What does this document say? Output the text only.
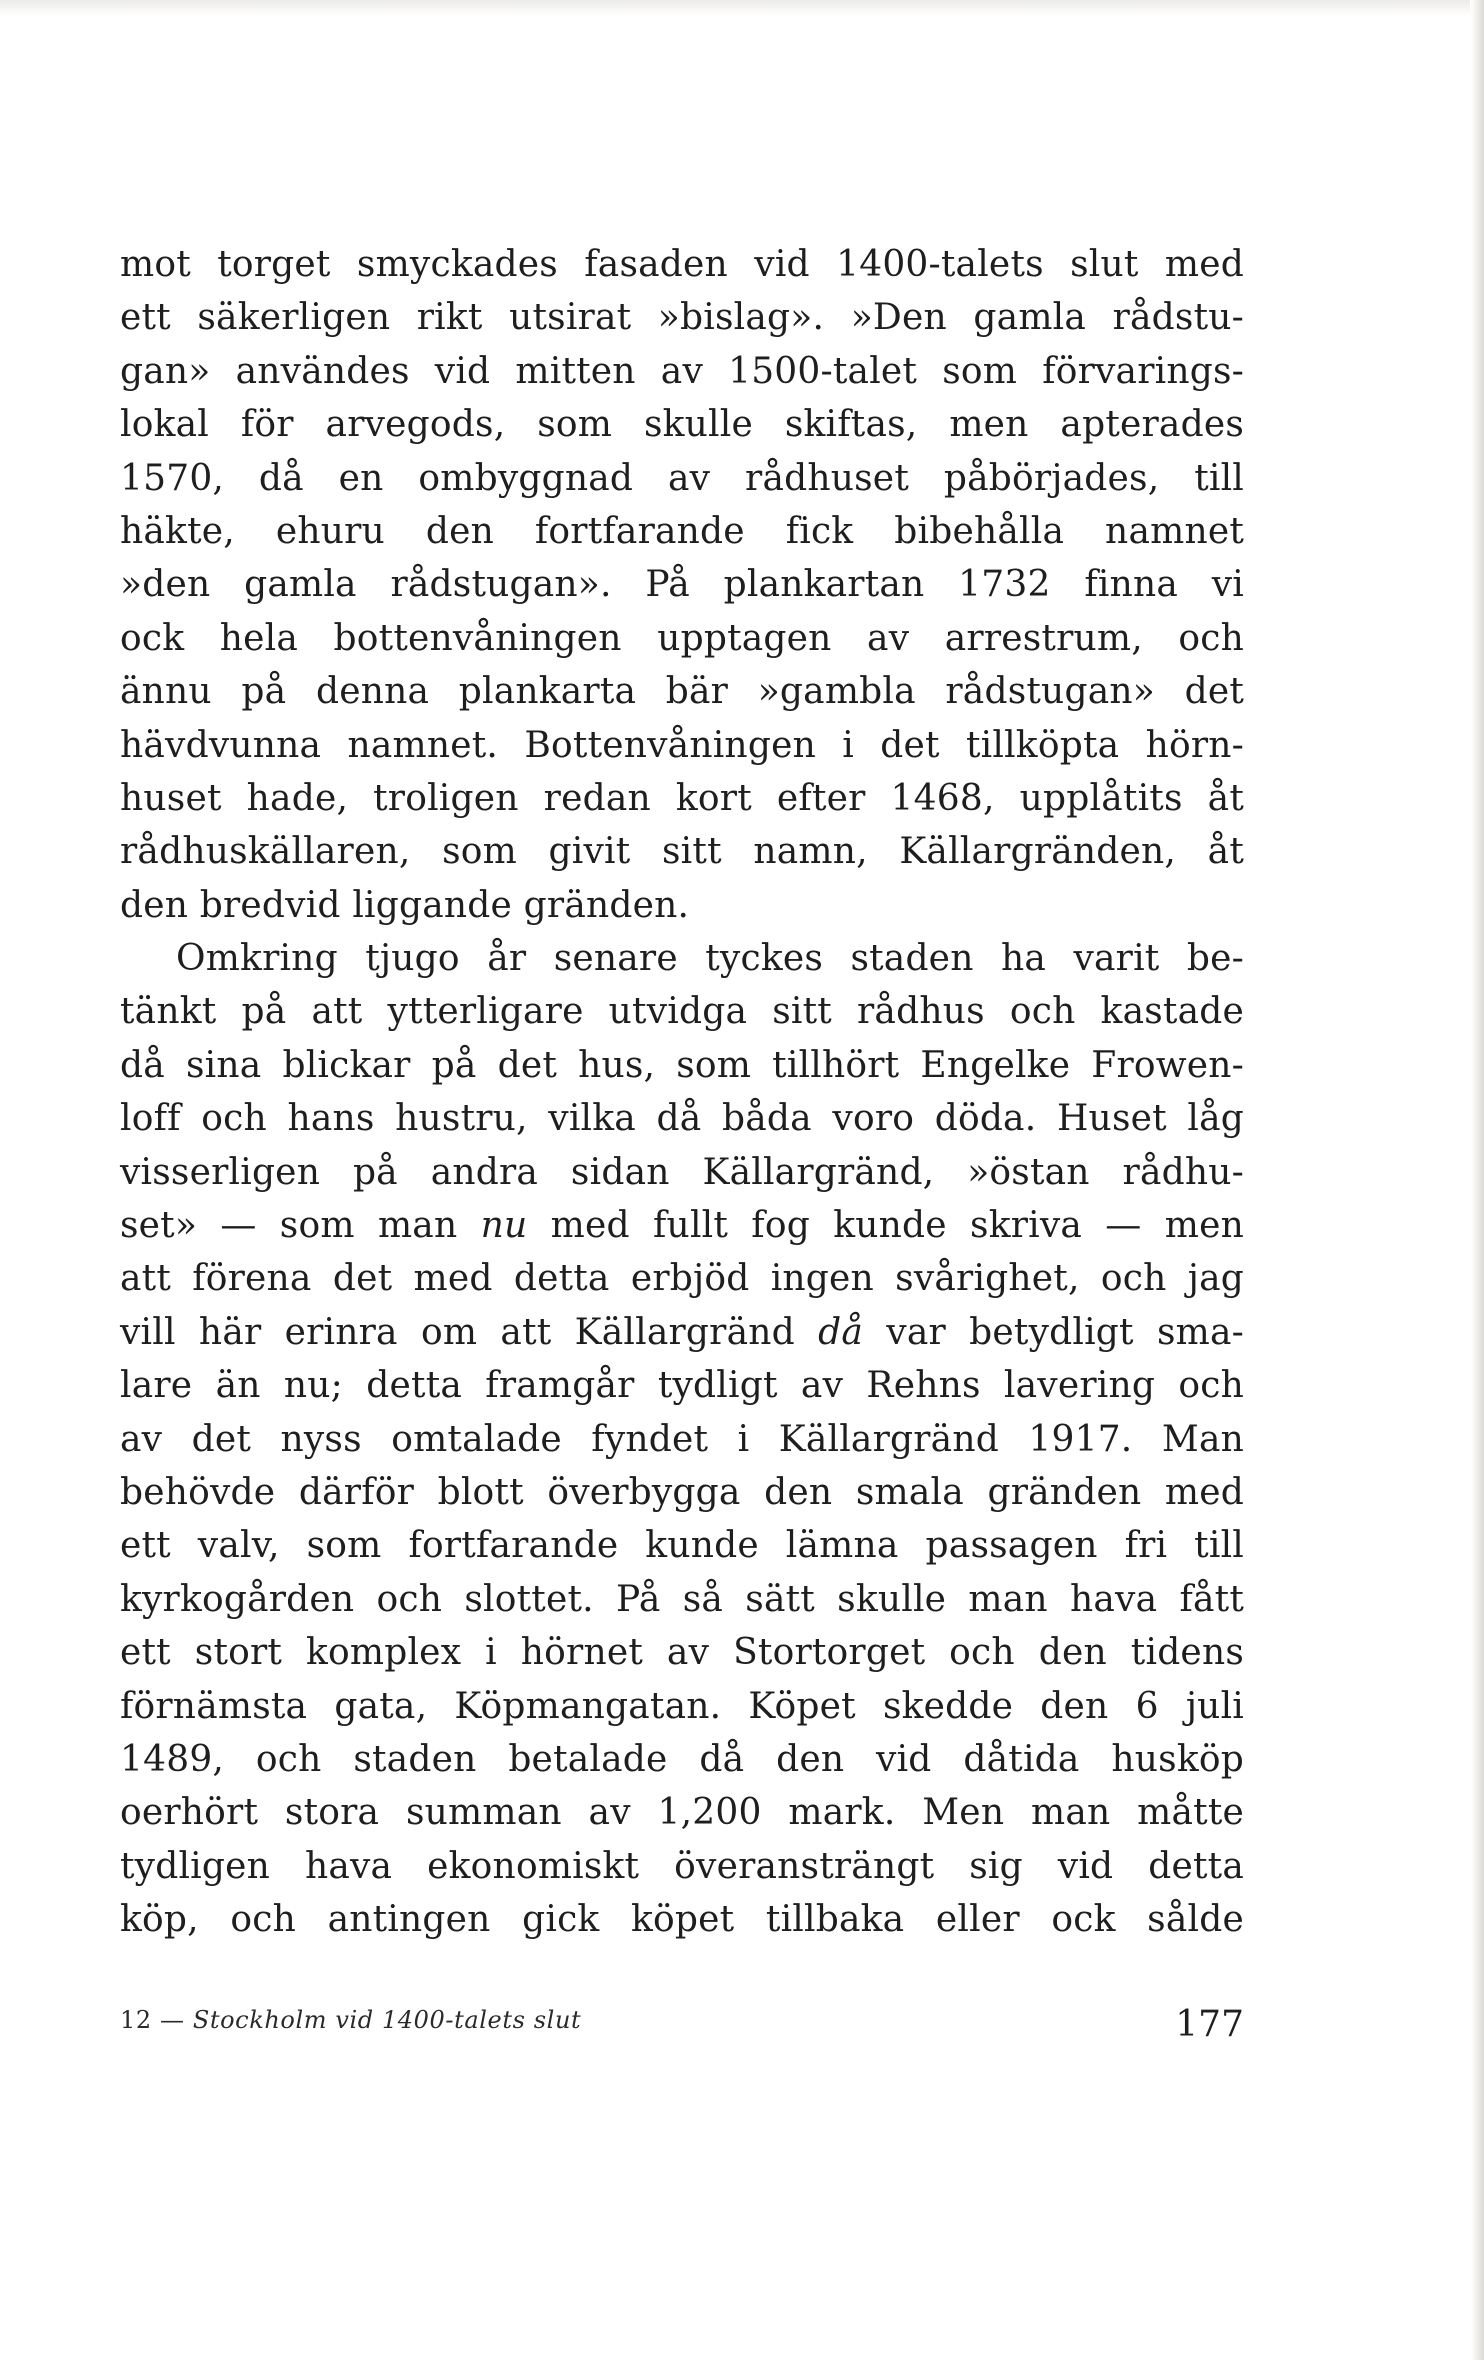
mot torget smyckades fasaden vid 1400-talets slut med
ett säkerligen rikt utsirat »bislag». »Den gamla rådstu-
gan» användes vid mitten av 1500-talet som förvarings-
lokal för arvegods, som skulle skiftas, men apterades
1570, då en ombyggnad av rådhuset påbörjades, till
häkte, ehuru den fortfarande fick bibehålla namnet
»den gamla rådstugan». På plankartan 1732 finna vi
ock hela bottenvåningen upptagen av arrestrum, och
ännu på denna plankarta bär »gambla rådstugan» det
hävdvunna namnet. Bottenvåningen i det tillköpta hörn-
huset hade, troligen redan kort efter 1468, upplåtits åt
rådhuskällaren, som givit sitt namn, Källargränden, åt
den bredvid liggande gränden.
Omkring tjugo år senare tyckes staden ha varit be-
tänkt på att ytterligare utvidga sitt rådhus och kastade
då sina blickar på det hus, som tillhört Engelke Frowen-
loff och hans hustru, vilka då båda voro döda. Huset låg
visserligen på andra sidan Källargränd, »östan rådhu-
set» — som man nu med fullt fog kunde skriva — men
att förena det med detta erbjöd ingen svårighet, och jag
vill här erinra om att Källargränd då var betydligt sma-
lare än nu; detta framgår tydligt av Rehns lavering och
av det nyss omtalade fyndet i Källargränd 1917. Man
behövde därför blott överbygga den smala gränden med
ett valv, som fortfarande kunde lämna passagen fri till
kyrkogården och slottet. På så sätt skulle man hava fått
ett stort komplex i hörnet av Stortorget och den tidens
förnämsta gata, Köpmangatan. Köpet skedde den 6 juli
1489, och staden betalade då den vid dåtida husköp
oerhört stora summan av 1,200 mark. Men man måtte
tydligen hava ekonomiskt överansträngt sig vid detta
köp, och antingen gick köpet tillbaka eller ock sålde
12 — Stockholm vid 1400-talets slut	177
